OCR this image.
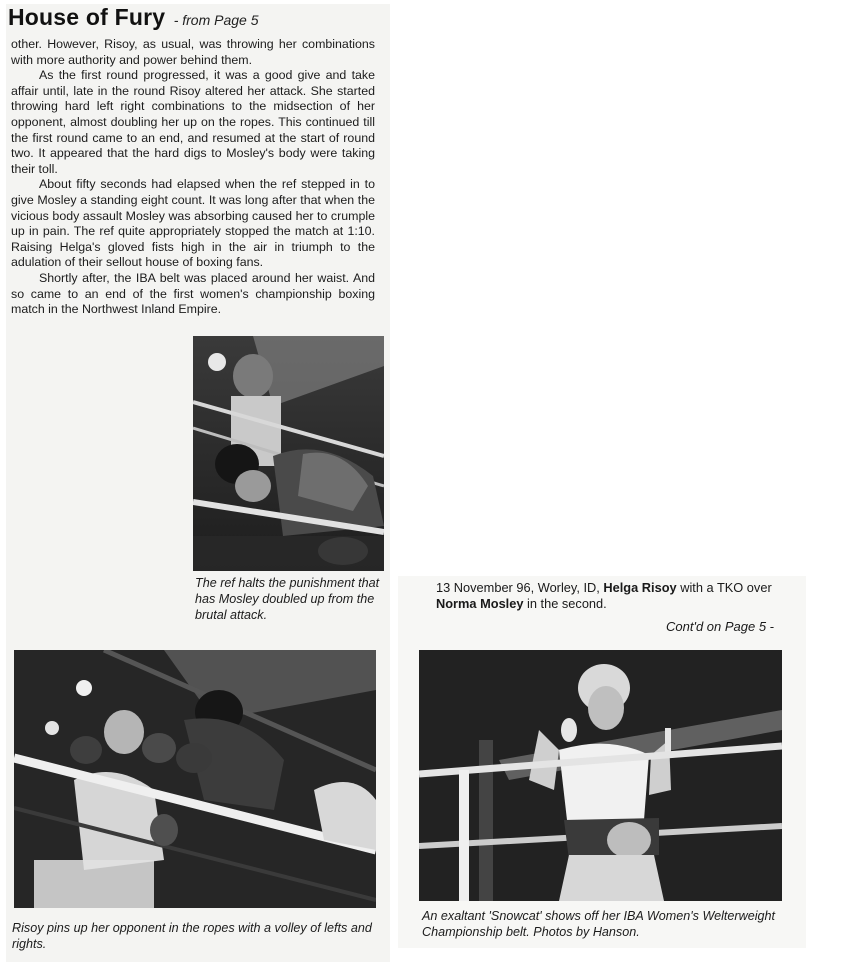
House of Fury - from Page 5

other. However, Risoy, as usual, was throwing her combinations with more authority and power behind them.

As the first round progressed, it was a good give and take affair until, late in the round Risoy altered her attack. She started throwing hard left right combinations to the midsection of her opponent, almost doubling her up on the ropes. This continued till the first round came to an end, and resumed at the start of round two. It appeared that the hard digs to Mosley's body were taking their toll.

About fifty seconds had elapsed when the ref stepped in to give Mosley a standing eight count. It was long after that when the vicious body assault Mosley was absorbing caused her to crumple up in pain. The ref quite appropriately stopped the match at 1:10. Raising Helga's gloved fists high in the air in triumph to the adulation of their sellout house of boxing fans.

Shortly after, the IBA belt was placed around her waist. And so came to an end of the first women's championship boxing match in the Northwest Inland Empire.

The ref halts the punishment that has Mosley doubled up from the brutal attack.
Risoy pins up her opponent in the ropes with a volley of lefts and rights.
13 November 96, Worley, ID, Helga Risoy with a TKO over Norma Mosley in the second.
Cont'd on Page 5 -
An exaltant 'Snowcat' shows off her IBA Women's Welterweight Championship belt. Photos by Hanson.
